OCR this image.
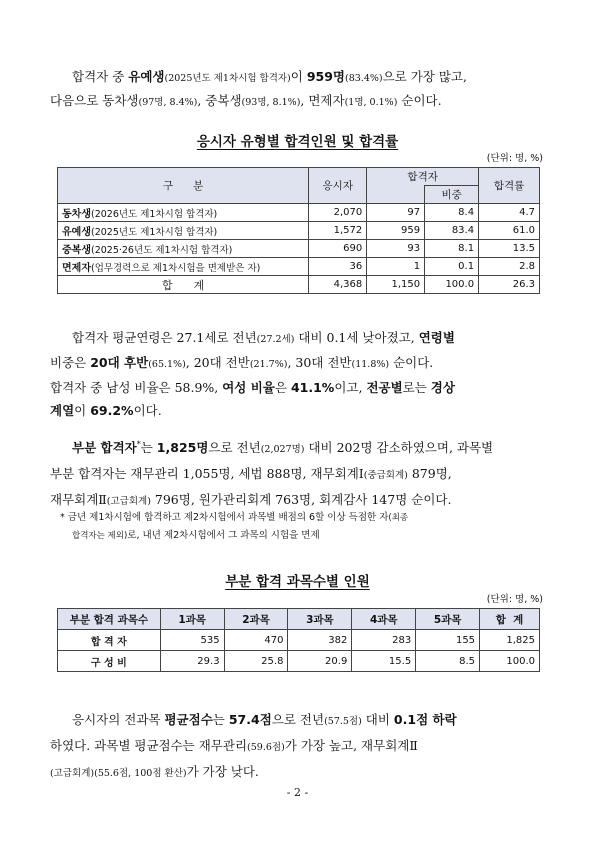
합격자 중 유예생(2025년도 제1차시험 합격자)이 959명(83.4%)으로 가장 많고,
다음으로 동차생(97명, 8.4%), 중복생(93명, 8.1%), 면제자(1명, 0.1%) 순이다.
응시자 유형별 합격인원 및 합격률
(단위: 명, %)
구      분	응시자	합격자		합격률
			비중	
동차생(2026년도 제1차시험 합격자)	2,070	97	8.4	4.7
유예생(2025년도 제1차시험 합격자)	1,572	959	83.4	61.0
중복생(2025·26년도 제1차시험 합격자)	690	93	8.1	13.5
면제자(업무경력으로 제1차시험을 면제받은 자)	36	1	0.1	2.8
합      계	4,368	1,150	100.0	26.3
합격자 평균연령은 27.1세로 전년(27.2세) 대비 0.1세 낮아졌고, 연령별
비중은 20대 후반(65.1%), 20대 전반(21.7%), 30대 전반(11.8%) 순이다.
합격자 중 남성 비율은 58.9%, 여성 비율은 41.1%이고, 전공별로는 경상
계열이 69.2%이다.
부분 합격자*는 1,825명으로 전년(2,027명) 대비 202명 감소하였으며, 과목별
부분 합격자는 재무관리 1,055명, 세법 888명, 재무회계Ⅰ(중급회계) 879명,
재무회계Ⅱ(고급회계) 796명, 원가관리회계 763명, 회계감사 147명 순이다.
* 금년 제1차시험에 합격하고 제2차시험에서 과목별 배점의 6할 이상 득점한 자(최종
합격자는 제외)로, 내년 제2차시험에서 그 과목의 시험을 면제
부분 합격 과목수별 인원
(단위: 명, %)
부분 합격 과목수	1과목	2과목	3과목	4과목	5과목	합  계
합 격 자	535	470	382	283	155	1,825
구 성 비	29.3	25.8	20.9	15.5	8.5	100.0
응시자의 전과목 평균점수는 57.4점으로 전년(57.5점) 대비 0.1점 하락
하였다. 과목별 평균점수는 재무관리(59.6점)가 가장 높고, 재무회계Ⅱ
(고급회계)(55.6점, 100점 환산)가 가장 낮다.
- 2 -
